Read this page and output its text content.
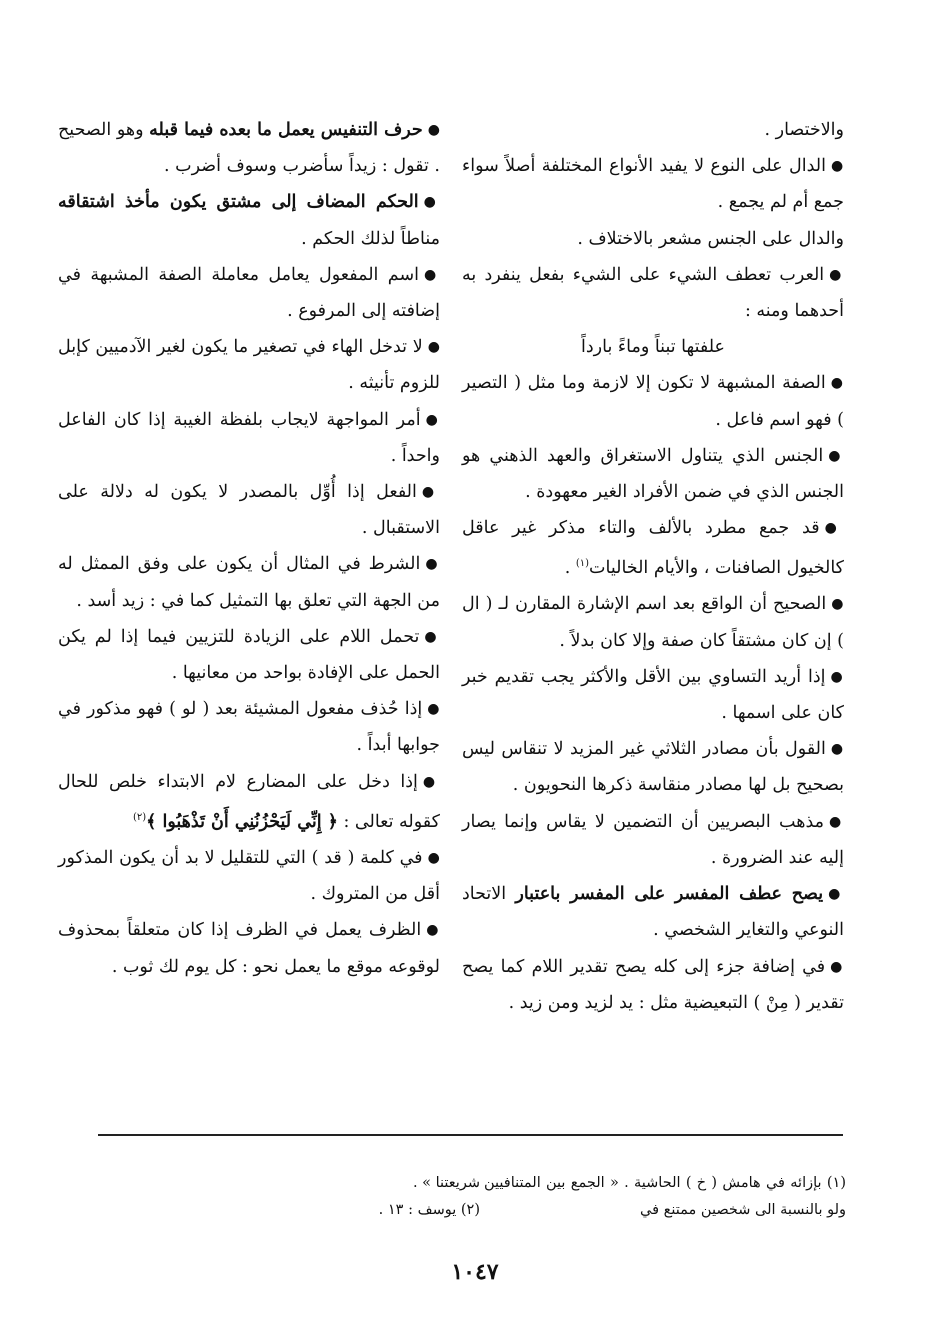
والاختصار .

●الدال على النوع لا يفيد الأنواع المختلفة أصلاً سواء جمع أم لم يجمع .

والدال على الجنس مشعر بالاختلاف .

●العرب تعطف الشيء على الشيء بفعل ينفرد به أحدهما ومنه :

علفتها تبناً وماءً بارداً

●الصفة المشبهة لا تكون إلا لازمة وما مثل ( التصير ) فهو اسم فاعل .

●الجنس الذي يتناول الاستغراق والعهد الذهني هو الجنس الذي في ضمن الأفراد الغير معهودة .

●قد جمع مطرد بالألف والتاء مذكر غير عاقل كالخيول الصافنات ، والأيام الخاليات$^{(١)}$ .

●الصحيح أن الواقع بعد اسم الإشارة المقارن لـ ( ال ) إن كان مشتقاً كان صفة وإلا كان بدلاً .

●إذا أريد التساوي بين الأقل والأكثر يجب تقديم خبر كان على اسمها .

●القول بأن مصادر الثلاثي غير المزيد لا تنقاس ليس بصحيح بل لها مصادر منقاسة ذكرها النحويون .

●مذهب البصريين أن التضمين لا يقاس وإنما يصار إليه عند الضرورة .

●يصح عطف المفسر على المفسر باعتبار الاتحاد النوعي والتغاير الشخصي .

●في إضافة جزء إلى كله يصح تقدير اللام كما يصح تقدير ( مِنْ ) التبعيضية مثل : يد لزيد ومن زيد .

●حرف التنفيس يعمل ما بعده فيما قبله وهو الصحيح . تقول : زيداً سأضرب وسوف أضرب .

●الحكم المضاف إلى مشتق يكون مأخذ اشتقاقه مناطاً لذلك الحكم .

●اسم المفعول يعامل معاملة الصفة المشبهة في إضافته إلى المرفوع .

●لا تدخل الهاء في تصغير ما يكون لغير الآدميين كإبل للزوم تأنيثه .

●أمر المواجهة لايجاب بلفظة الغيبة إذا كان الفاعل واحداً .

●الفعل إذا أُوِّل بالمصدر لا يكون له دلالة على الاستقبال .

●الشرط في المثال أن يكون على وفق الممثل له من الجهة التي تعلق بها التمثيل كما في : زيد أسد .

●تحمل اللام على الزيادة للتزيين فيما إذا لم يكن الحمل على الإفادة بواحد من معانيها .

●إذا حُذف مفعول المشيئة بعد ( لو ) فهو مذكور في جوابها أبداً .

●إذا دخل على المضارع لام الابتداء خلص للحال كقوله تعالى : ﴿ إِنِّي لَيَحْزُنُنِي أَنْ تَذْهَبُوا ﴾$^{(٢)}$

●في كلمة ( قد ) التي للتقليل لا بد أن يكون المذكور أقل من المتروك .

●الظرف يعمل في الظرف إذا كان متعلقاً بمحذوف لوقوعه موقع ما يعمل نحو : كل يوم لك ثوب .

(١) بإزائه في هامش ( خ ) الحاشية . « الجمع بين المتنافيين ولو بالنسبة الى شخصين ممتنع في

شريعتنا » .

(٢) يوسف : ١٣ .

١٠٤٧
